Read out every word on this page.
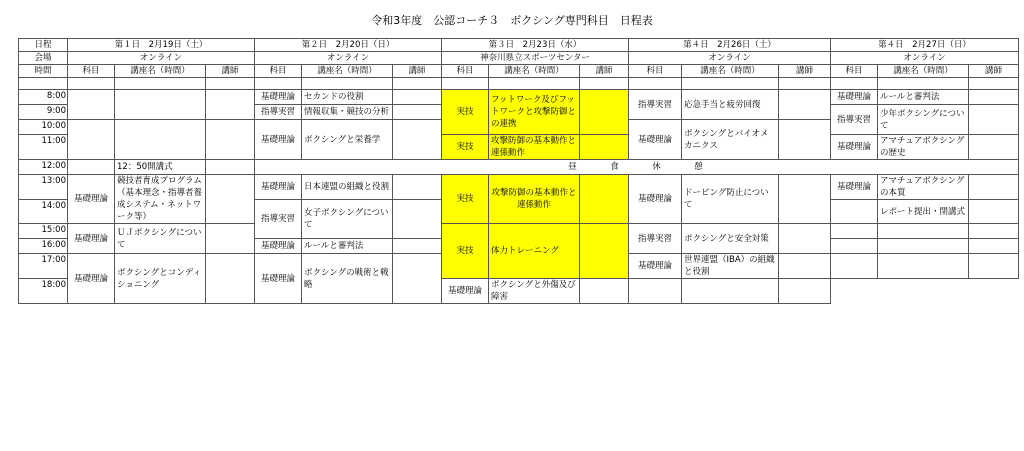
令和3年度　公認コーチ３　ボクシング専門科目　日程表
日程	第１日　2月19日（土）			第２日　2月20日（日）			第３日　2月23日（水）			第４日　2月26日（土）			第４日　2月27日（日）		
会場	オンライン			オンライン			神奈川県立スポーツセンター			オンライン			オンライン		
時間	科目	講座名（時間）	講師	科目	講座名（時間）	講師	科目	講座名（時間）	講師	科目	講座名（時間）	講師	科目	講座名（時間）	講師

8:00				基礎理論	セカンドの役割		実技	フットワーク及びフットワークと攻撃防御との連携		指導実習	応急手当と疲労回復		基礎理論	ルールと審判法	

9:00				指導実習	情報収集・競技の分析								指導実習	少年ボクシングについて	

10:00				基礎理論	ボクシングと栄養学					基礎理論	ボクシングとバイオメカニクス				

11:00							実技	攻撃防御の基本動作と連係動作					基礎理論	アマチュアボクシングの歴史	

12:00		12：50開講式		昼　　　食　　　休　　　憩											

13:00	基礎理論	競技者育成プログラム（基本理念・指導者養成システム・ネットワーク等）		基礎理論	日本連盟の組織と役割		実技	攻撃防御の基本動作と連係動作		基礎理論	ドーピング防止について		基礎理論	アマチュアボクシングの本質	

14:00				指導実習	女子ボクシングについて									レポート提出・閉講式	

15:00	基礎理論	ＵＪボクシングについて					実技	体力トレーニング		指導実習	ボクシングと安全対策				

16:00				基礎理論	ルールと審判法										

17:00	基礎理論	ボクシングとコンディショニング		基礎理論	ボクシングの戦術と戦略					基礎理論	世界連盟（IBA）の組織と役割				

18:00							基礎理論	ボクシングと外傷及び障害							
